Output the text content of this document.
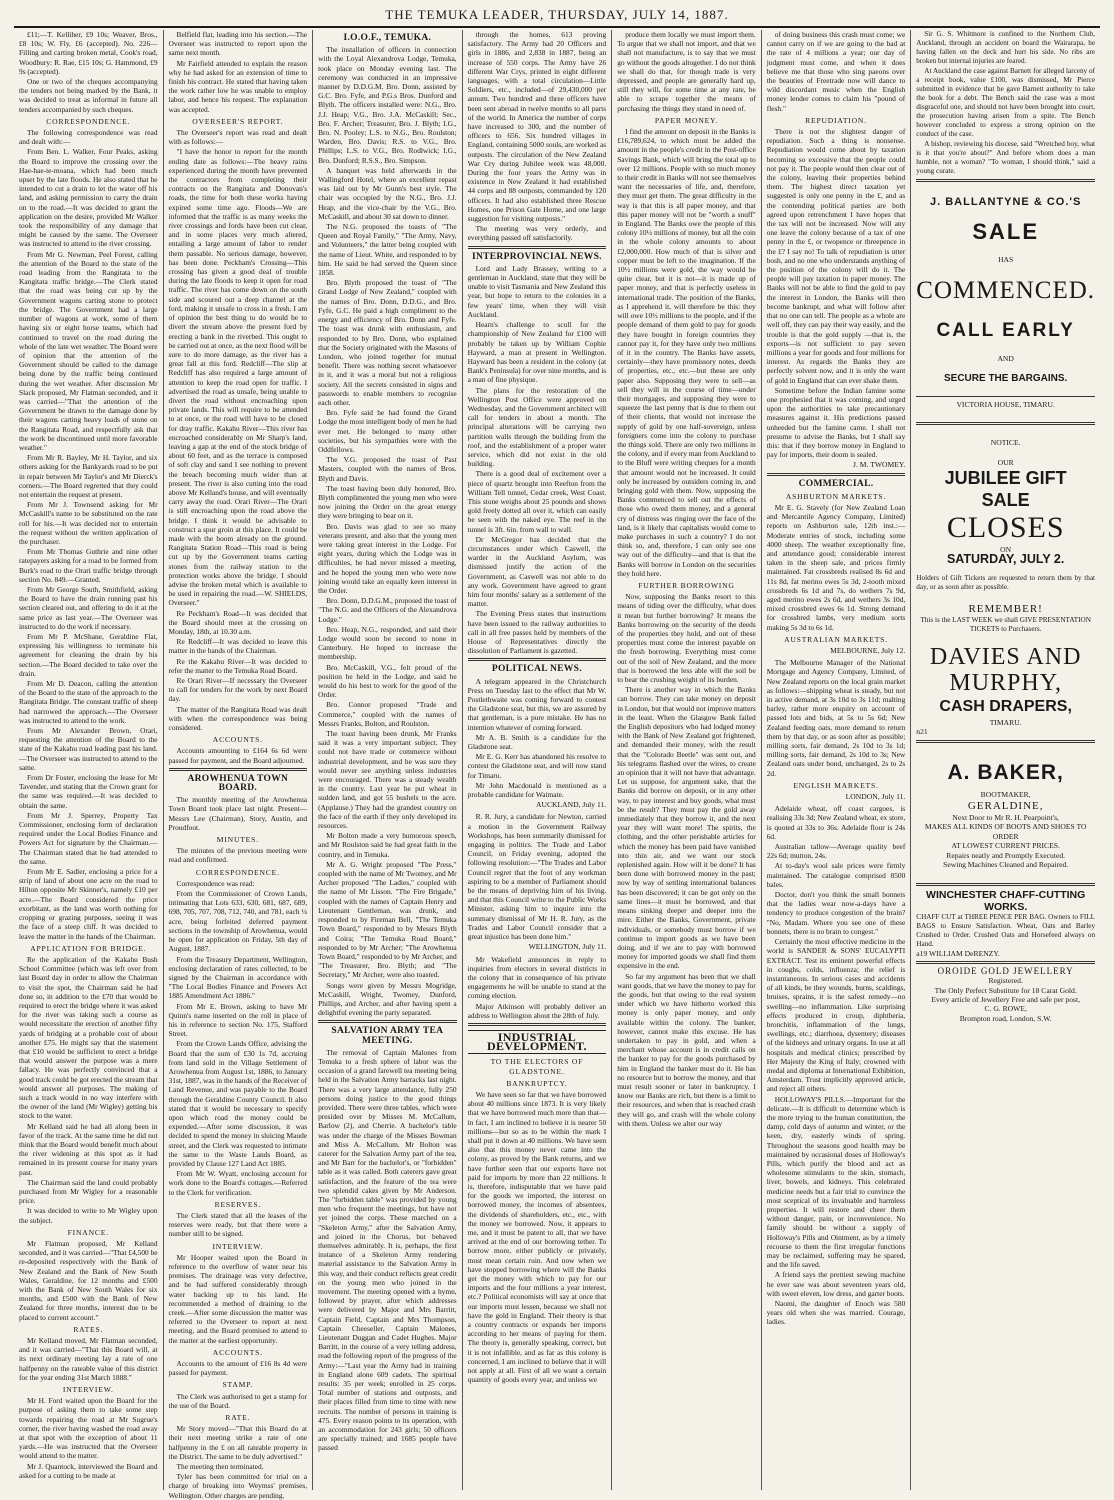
THE TEMUKA LEADER, THURSDAY, JULY 14, 1887.

£11;—T. Kelliher, £9 10s; Weaver, Bros., £8 10s; W. Fly, £6 (accepted). No. 226—Filling and carting broken metal, Cook's road, Woodbury: R. Rae, £15 10s; G. Hammond, £9 9s (accepted).

One or two of the cheques accompanying the tenders not being marked by the Bank, it was decided to treat as informal in future all tenders accompanied by such cheques.

CORRESPONDENCE.

The following correspondence was read and dealt with:—

From Ben. L. Walker, Four Peaks, asking the Board to improve the crossing over the Hae-hae-te-moana, which had been much upset by the late floods. He also stated that he intended to cut a drain to let the water off his land, and asking permission to carry the drain on to the road.—It was decided to grant the application on the desire, provided Mr Walker took the responsibility of any damage that might be caused by the same. The Overseer was instructed to attend to the river crossing.

From Mr G. Newman, Peel Forest, calling the attention of the Board to the state of the road leading from the Rangitata to the Kangitata traffic bridge.—The Clerk stated that the road was being cut up by the Government wagons carting stone to protect the bridge. The Government had a large number of wagons at work, some of them having six or eight horse teams, which had continued to travel on the road during the whole of the late wet weather. The Board were of opinion that the attention of the Government should be called to the damage being done by the traffic being continued during the wet weather. After discussion Mr Slack proposed, Mr Flatman seconded, and it was carried—"That the attention of the Government be drawn to the damage done by their wagons carting heavy loads of stone on the Rangitata Road, and respectfully ask that the work be discontinued until more favorable weather."

From Mr R. Bayley, Mr H. Taylor, and six others asking for the Bankyards road to be put in repair between Mr Taylor's and Mr Dierck's corners.—The Board regretted that they could not entertain the request at present.

From Mr J. Townsend asking for Mr McCaskill's name to be substituted on the rate roll for his.—It was decided not to entertain the request without the written application of the purchaser.

From Mr Thomas Guthrie and nine other ratepayers asking for a road to be formed from Burk's road to the Orari traffic bridge through section No. 849.—Granted.

From Mr George South, Smithfield, asking the Board to have the drain running past his section cleared out, and offering to do it at the same price as last year.—The Overseer was instructed to do the work if necessary.

From Mr P. McShane, Geraldine Flat, expressing his willingness to terminate his agreement for cleaning the drain by his section.—The Board decided to take over the drain.

From Mr D. Deacon, calling the attention of the Board to the state of the approach to the Rangitata Bridge. The constant traffic of sheep had narrowed the approach.—The Overseer was instructed to attend to the work.

From Mr Alexander Brown, Orari, requesting the attention of the Board to the state of the Kakahu road leading past his land.—The Overseer was instructed to attend to the same.

From Dr Foster, enclosing the lease for Mr Tavender, and stating that the Crown grant for the same was required.—It was decided to obtain the same.

From Mr J. Sperrey, Property Tax Commissioner, enclosing form of declaration required under the Local Bodies Finance and Powers Act for signature by the Chairman.—The Chairman stated that he had attended to the same.

From Mr E. Sadler, enclosing a price for a strip of land of about one acre on the road to Hilton opposite Mr Skinner's, namely £10 per acre.—The Board considered the price exorbitant, as the land was worth nothing for cropping or grazing purposes, seeing it was the face of a steep cliff. It was decided to leave the matter in the hands of the Chairman.

APPLICATION FOR BRIDGE.

Re the application of the Kakahu Bush School Committee (which was left over from last Board day in order to allow the Chairman to visit the spot, the Chairman said he had done so, in addition to the £70 that would be required to erect the bridge where it was asked for the river was taking such a course as would necessitate the erection of another fifty yards of bridging at a probable cost of about another £75. He might say that the statement that £10 would be sufficient to erect a bridge that would answer the purpose was a mere fallacy. He was perfectly convinced that a good track could be got erected the stream that would answer all purposes. The making of such a track would in no way interfere with the owner of the land (Mr Wigley) getting his stock to the water.

Mr Kelland said he had all along been in favor of the track. At the same time he did not think that the Board would benefit much about the river widening at this spot as it had remained in its present course for many years past.

The Chairman said the land could probably purchased from Mr Wigley for a reasonable price.

It was decided to write to Mr Wigley upon the subject.

FINANCE.

Mr Flatman proposed, Mr Kelland seconded, and it was carried—"That £4,500 be re-deposited respectively with the Bank of New Zealand and the Bank of New South Wales, Geraldine, for 12 months and £500 with the Bank of New South Wales for six months, and £500 with the Bank of New Zealand for three months, interest due to be placed to current account."

RATES.

Mr Kelland moved, Mr Flatman seconded, and it was carried—"That this Board will, at its next ordinary meeting lay a rate of one halfpenny on the rateable value of this district for the year ending 31st March 1888."

INTERVIEW.

Mr H. Ford waited upon the Board for the purpose of asking them to take some step towards repairing the road at Mr Sugrue's corner, the river having washed the road away at that spot with the exception of about 11 yards.—He was instructed that the Overseer would attend to the matter.

Mr J. Quantock, interviewed the Board and asked for a cutting to be made at

Belfield flat, leading into his section.—The Overseer was instructed to report upon the same next month.

Mr Fairfield attended to explain the reason why he had asked for an extension of time to finish his contract. He stated that having taken the work rather low he was unable to employ labor, and hence his request. The explanation was accepted.

OVERSEER'S REPORT.

The Overseer's report was read and dealt with as follows:—

"I have the honor to report for the month ending date as follows:—The heavy rains experienced during the month have prevented the contractors from completing their contracts on the Rangitata and Donovan's roads, the time for both these works having expired some time ago. Floods—We are informed that the traffic is as many weeks the river crossings and fords have been cut clear, and in some places very much altered, entailing a large amount of labor to render them passable. No serious damage, however, has been done. Peckham's Crossing—This crossing has given a good deal of trouble during the late floods to keep it open for road traffic. The river has come down on the south side and scoured out a deep channel at the ford, making it unsafe to cross in a fresh. I am of opinion the best thing to do would be to divert the stream above the present ford by erecting a bank in the riverbed. This ought to be carried out at once, as the next flood will be sure to do more damage, as the river has a great fall at this ford. Redcliff—The slip at Redcliff has also required a large amount of attention to keep the road open for traffic. I advertised the road as unsafe, being unable to divert the road without encroaching upon private lands. This will require to be attended to at once, or the road will have to be closed for dray traffic. Kakahu River—This river has encroached considerably on Mr Sharp's land, leaving a gap at the end of the stock bridge of about 60 feet, and as the terrace is composed of soft clay and sand I see nothing to prevent the breach becoming much wider than at present. The river is also cutting into the road above Mr Kelland's house, and will eventually carry away the road. Orari River—The Orari is still encroaching upon the road above the bridge. I think it would be advisable to construct a spur groin at this place. It could be made with the boom already on the ground. Rangitata Station Road—This road is being cut up by the Government teams carting stones from the railway station to the protection works above the bridge. I should advise the broken metal which is available to be used in repairing the road.—W. SHIELDS, Overseer."

Re Peckham's Road—It was decided that the Board should meet at the crossing on Monday, 18th, at 10.30 a.m.

Re Redcliff—It was decided to leave this matter in the hands of the Chairman.

Re the Kakahu River—It was decided to refer the matter to the Temuka Road Board.

Re Orari River—If necessary the Overseer to call for tenders for the work by next Board day.

The matter of the Rangitata Road was dealt with when the correspondence was being considered.

ACCOUNTS.

Accounts amounting to £164 6s 6d were passed for payment, and the Board adjourned.

AROWHENUA TOWN BOARD.

The monthly meeting of the Arowhenua Town Board took place last night. Present—Messrs Lee (Chairman), Story, Austin, and Proudfoot.

MINUTES.

The minutes of the previous meeting were read and confirmed.

CORRESPONDENCE.

Correspondence was read:

From the Commissioner of Crown Lands, intimating that Lots 633, 630, 681, 687, 689, 698, 705, 707, 708, 712, 740, and 781, each ¼ acre, being forfeited deferred payment sections in the township of Arowhenua, would be open for application on Friday, 5th day of August, 1887.

From the Treasury Department, Wellington, enclosing declaration of rates collected, to be signed by the Chairman in accordance with "The Local Bodies Finance and Powers Act 1885 Amendment Act 1886."

From Mr E. Brown, asking to have Mr Quinn's name inserted on the roll in place of his in reference to section No. 175, Stafford Street.

From the Crown Lands Office, advising the Board that the sum of £30 1s 7d, accruing from land sold in the Village Settlement of Arowhenua from August 1st, 1886, to January 31st, 1887, was in the hands of the Receiver of Land Revenue, and was payable to the Board through the Geraldine County Council. It also stated that it would be necessary to specify upon which road the money could be expended.—After some discussion, it was decided to spend the money in sluicing Maude street, and the Clerk was requested to intimate the same to the Waste Lands Board, as provided by Clause 127 Land Act 1885.

From Mr W. Wyatt, enclosing account for work done to the Board's cottages.—Referred to the Clerk for verification.

RESERVES.

The Clerk stated that all the leases of the reserves were ready, but that there were a number still to be signed.

INTERVIEW.

Mr Hooper waited upon the Board in reference to the overflow of water near his premises. The drainage was very defective, and he had suffered considerably through water backing up to his land. He recommended a method of draining to the creek.—After some discussion the matter was referred to the Overseer to report at next meeting, and the Board promised to attend to the matter at the earliest opportunity.

ACCOUNTS.

Accounts to the amount of £16 8s 4d were passed for payment.

STAMP.

The Clerk was authorised to get a stamp for the use of the Board.

RATE.

Mr Story moved—"That this Board do at their next meeting strike a rate of one halfpenny in the £ on all rateable property in the District. The same to be duly advertised."

The meeting then terminated.

Tyler has been committed for trial on a charge of breaking into Weymss' premises, Wellington. Other charges are pending.

I.O.O.F., TEMUKA.

The installation of officers in connection with the Loyal Alexandrova Lodge, Temuka, took place on Monday evening last. The ceremony was conducted in an impressive manner by D.D.G.M. Bro. Donn, assisted by G.C. Bro. Fyfe, and P.G.s Bros. Dunford and Blyth. The officers installed were: N.G., Bro. J.J. Heap; V.G., Bro. J.A. McCaskill; Sec., Bro. F. Archer; Treasurer, Bro. J. Blyth; I.G., Bro. N. Pooley; L.S. to N.G., Bro. Roulston; Warden, Bro. Davis; R.S. to V.G., Bro. Phillips; L.S. to V.G., Bro. Rodlwick; I.G., Bro. Dunford; R.S.S., Bro. Simpson.

A banquet was held afterwards in the Wallingford Hotel, where an excellent repast was laid out by Mr Gunn's best style. The chair was occupied by the N.G., Bro. J.J. Heap, and the vice-chair by the V.G., Bro. McCaskill, and about 30 sat down to dinner.

The N.G. proposed the toasts of "The Queen and Royal Family," "The Army, Navy, and Volunteers," the latter being coupled with the name of Lieut. White, and responded to by him. He said he had served the Queen since 1858.

Bro. Blyth proposed the toast of "The Grand Lodge of New Zealand," coupled with the names of Bro. Donn, D.D.G., and Bro. Fyfe, G.C. He paid a high compliment to the energy and efficiency of Bro. Donn and Fyfe. The toast was drunk with enthusiasm, and responded to by Bro. Donn, who explained that the Society originated with the Masons of London, who joined together for mutual benefit. There was nothing secret whatsoever in it, and it was a moral but not a religious society. All the secrets consisted in signs and passwords to enable members to recognise each other.

Bro. Fyfe said he had found the Grand Lodge the most intelligent body of men he had ever met. He belonged to many other societies, but his sympathies were with the Oddfellows.

The V.G. proposed the toast of Past Masters, coupled with the names of Bros. Blyth and Davis.

The toast having been duly honored, Bro. Blyth complimented the young men who were now joining the Order on the great energy they were bringing to bear on it.

Bro. Davis was glad to see so many veterans present, and also that the young men were taking great interest in the Lodge. For eight years, during which the Lodge was in difficulties, he had never missed a meeting, and he hoped the young men who were now joining would take an equally keen interest in the Order.

Bro. Donn, D.D.G.M., proposed the toast of "The N.G. and the Officers of the Alexandrova Lodge."

Bro. Heap, N.G., responded, and said their Lodge would soon be second to none in Canterbury. He hoped to increase the membership.

Bro. McCaskill, V.G., felt proud of the position he held in the Lodge, and said he would do his best to work for the good of the Order.

Bro. Connor proposed "Trade and Commerce," coupled with the names of Messrs Franks, Bolton, and Roulston.

The toast having been drunk, Mr Franks said it was a very important subject. They could not have trade or commerce without industrial development, and he was sure they would never see anything unless industries were encouraged. There was a steady wealth in the country. Last year he put wheat in sudden land, and got 55 bushels to the acre. (Applause.) They had the grandest country on the face of the earth if they only developed its resources.

Mr Bolton made a very humorous speech, and Mr Roulston said he had great faith in the country, and in Temuka.

Mr A. G. Wright proposed "The Press," coupled with the name of Mr Twomey, and Mr Archer proposed "The Ladies," coupled with the name of Mr Lisson. "The Fire Brigade," coupled with the names of Captain Henry and Lieutenant Gentleman, was drunk, and responded to by Fireman Bell, "The Temuka Town Board," responded to by Messrs Blyth and Coira; "The Temuka Road Board," responded to by Mr Archer; "The Arowhenua Town Board," responded to by Mr Archer, and "The Treasurer, Bro. Blyth; and "The Secretary," Mr Archer, were also toasted.

Songs were given by Messrs Mogridge, McCaskill, Wright, Twomey, Dunford, Phillips, and Archer, and after having spent a delightful evening the party separated.

SALVATION ARMY TEA MEETING.

The removal of Captain Malones from Temuka to a fresh sphere of labor was the occasion of a grand farewell tea meeting being held in the Salvation Army barracks last night. There was a very large attendance, fully 250 persons doing justice to the good things provided. There were three tables, which were presided over by Misses M. McCallum, Barlow (2), and Cherrie. A bachelor's table was under the charge of the Misses Bowman and Miss A. McCallum. Mr Bolton was caterer for the Salvation Army part of the tea, and Mr Barr for the bachelor's, or "forbidden" table as it was called. Both caterers gave great satisfaction, and the feature of the tea were two splendid cakes given by Mr Anderson. The "forbidden table" was provided by young men who frequent the meetings, but have not yet joined the corps. These marched on a "Skeleton Army," after the Salvation Army, and joined in the Chorus, but behaved themselves admirably. It is, perhaps, the first instance of a Skeleton Army rendering material assistance to the Salvation Army in this way, and their conduct reflects great credit on the young men who joined in the movement. The meeting opened with a hymn, followed by prayer, after which addresses were delivered by Major and Mrs Barritt, Captain Field, Captain and Mrs Thompson, Captain Cheeseller, Captain Malones, Lieutenant Duggan and Cadet Hughes. Major Barritt, in the course of a very telling address, read the following report of the progress of the Army:—"Last year the Army had in training in England alone 609 cadets. The spiritual results: 35 per week; enrolled in 25 corps. Total number of stations and outposts, and their places filled from time to time with new recruits. The number of persons in training is 475. Every reason points to its operation, with an accommodation for 243 girls; 50 officers are specially trained; and 1685 people have passed

through the homes, 613 proving satisfactory. The Army had 20 Officers and girls in 1886, and 2,838 in 1887, being an increase of 550 corps. The Army have 26 different War Crys, printed in eight different languages, with a total circulation—Little Soldiers, etc., included—of 29,430,000 per annum. Two hundred and three officers have been sent abroad in twelve months to all parts of the world. In America the number of corps have increased to 300, and the number of officers to 656. Six hundred villages in England, containing 5000 souls, are worked as outposts. The circulation of the New Zealand War Cry during Jubilee week was 48,000. During the four years the Army was in existence in New Zealand it had established 44 corps and 88 outposts, commanded by 120 officers. It had also established three Rescue Homes, one Prison Gate Home, and one large suggestion for visiting outposts."

The meeting was very orderly, and everything passed off satisfactorily.

INTERPROVINCIAL NEWS.

Lord and Lady Brassey, writing to a gentleman in Auckland, state that they will be unable to visit Tasmania and New Zealand this year, but hope to return to the colonies in a few years' time, when they will visit Auckland.

Hearn's challenge to scull for the championship of New Zealand for £100 will probably be taken up by William Cophie Hayward, a man at present in Wellington. Hayward has been a resident in the colony (at Bank's Peninsula) for over nine months, and is a man of fine physique.

The plans for the restoration of the Wellington Post Office were approved on Wednesday, and the Government architect will call for tenders in about a month. The principal alterations will be carrying two partition walls through the building from the roof, and the establishment of a proper water service, which did not exist in the old building.

There is a good deal of excitement over a piece of quartz brought into Reefton from the William Tell tunnel, Cedar creek, West Coast. This stone weighs about 25 pounds and shows gold freely dotted all over it, which can easily be seen with the naked eye. The reef in the tunnel is 3ft. 6in. from wall to wall.

Dr McGregor has decided that the circumstances under which Caswell, the warder in the Auckland Asylum, was dismissed justify the action of the Government, as Caswell was not able to do any work. Government have agreed to grant him four months' salary as a settlement of the matter.

The Evening Press states that instructions have been issued to the railway authorities to call in all free passes held by members of the House of Representatives directly the dissolution of Parliament is gazetted.

POLITICAL NEWS.

A telegram appeared in the Christchurch Press on Tuesday last to the effect that Mr W. Postlethwaite was coming forward to contest the Gladstone seat, but this, we are assured by that gentleman, is a pure mistake. He has no intention whatever of coming forward.

Mr A. B. Smith is a candidate for the Gladstone seat.

Mr E. G. Kerr has abandoned his resolve to contest the Gladstone seat, and will now stand for Timaru.

Mr John Macdonald is mentioned as a probable candidate for Waimate.

AUCKLAND, July 11.

R. R. Jury, a candidate for Newton, carried a motion in the Government Railway Workshops, has been summarily dismissed for engaging in politics. The Trade and Labor Council, on Friday evening, adopted the following resolution:—"The Trades and Labor Council regret that the foot of any workman aspiring to be a member of Parliament should be the means of depriving him of his living, and that this Council write to the Public Works Minister, asking him to inquire into the summary dismissal of Mr H. R. Jury, as the Trades and Labor Council consider that a great injustice has been done him."

WELLINGTON, July 11.

Mr Wakefield announces in reply to inquiries from electors in several districts in the colony that in consequence of his private engagements he will be unable to stand at the coming election.

Major Atkinson will probably deliver an address to Wellington about the 28th of July.

INDUSTRIAL DEVELOPMENT.
TO THE ELECTORS OF GLADSTONE.
BANKRUPTCY.

We have seen so far that we have borrowed about 40 millions since 1873. It is very likely that we have borrowed much more than that—in fact, I am inclined to believe it is nearer 50 millions—but so as to be within the mark I shall put it down at 40 millions. We have seen also that this money never came into the colony, as proved by the Bank returns, and we have further seen that our exports have not paid for imports by more than 22 millions. It is, therefore, indisputable that we have paid for the goods we imported, the interest on borrowed money, the incomes of absentees, the dividends of shareholders, etc., etc., with the money we borrowed. Now, it appears to me, and it must be patent to all, that we have arrived at the end of our borrowing tether. To borrow more, either publicly or privately, must mean certain ruin. And now when we have stopped borrowing where will the Banks get the money with which to pay for our imports and the four millions a year interest, etc.? Political economists will say at once that our imports must lessen, because we shall not have the gold in England. Their theory is that a country contracts or expands her imports according to her means of paying for them. The theory is, generally speaking, correct, but it is not infallible, and as far as this colony is concerned, I am inclined to believe that it will not apply at all. First of all we want a certain quantity of goods every year, and unless we

produce them locally we must import them. To argue that we shall not import, and that we shall not manufacture, is to say that we must go without the goods altogether. I do not think we shall do that, for though trade is very depressed, and people are generally hard up, still they will, for some time at any rate, be able to scrape together the means of purchasing the things they stand in need of.

PAPER MONEY.

I find the amount on deposit in the Banks is £16,789,624, to which must be added the amount in the people's credit in the Post-office Savings Bank, which will bring the total up to over 12 millions. People with so much money to their credit in Banks will not see themselves want the necessaries of life, and, therefore, they must get them. The great difficulty in the way is that this is all paper money, and that this paper money will not be "worth a snuff" in England. The Banks owe the people of this colony 10½ millions of money, but all the coin in the whole colony amounts to about £2,000,000. How much of that is silver and copper must be left to the imagination. If the 10½ millions were gold, the way would be quite clear, but it is not—it is made up of paper money, and that is perfectly useless in international trade. The position of the Banks, as I apprehend it, will therefore be this: they will owe 10½ millions to the people, and if the people demand of them gold to pay for goods they have bought in foreign countries they cannot pay it, for they have only two millions of it in the country. The Banks have assets, certainly—they have promissory notes, deeds of properties, etc., etc.—but these are only paper also. Supposing they were to sell—as sell they will in the course of time—under their mortgages, and supposing they were to squeeze the last penny that is due to them out of their clients, that would not increase the supply of gold by one half-sovereign, unless foreigners come into the colony to purchase the things sold. There are only two millions in the colony, and if every man from Auckland to to the Bluff were writing cheques for a month that amount would not be increased. It could only be increased by outsiders coming in, and bringing gold with them. Now, supposing the Banks commenced to sell out the effects of those who owed them money, and a general cry of distress was ringing over the face of the land, is it likely that capitalists would come to make purchases in such a country? I do not think so, and, therefore, I can only see one way out of the difficulty—and that is that the Banks will borrow in London on the securities they hold here.

FURTHER BORROWING

Now, supposing the Banks resort to this means of tiding over the difficulty, what does it mean but further borrowing? It means the Banks borrowing on the security of the deeds of the properties they hold, and out of these properties must come the interest payable on the fresh borrowing. Everything must come out of the soil of New Zealand, and the more that is borrowed the less able will the soil be to bear the crushing weight of its burden.

There is another way in which the Banks can borrow. They can take money on deposit in London, but that would not improve matters in the least. When the Glasgow Bank failed the English depositors who had lodged money with the Bank of New Zealand got frightened, and demanded their money, with the result that the "Colorado Beetle" was sent out, and his telegrams flashed over the wires, to create an opinion that it will not have that advantage. Let us suppose, for argument sake, that the Banks did borrow on deposit, or in any other way, to pay interest and buy goods, what must be the result? They must pay the gold away immediately that they borrow it, and the next year they will want more! The spirits, the clothing, and the other perishable articles for which the money has been paid have vanished into thin air, and we want our stock replenished again. How will it be done? It has been done with borrowed money in the past; now by way of settling international balances has been discovered; it can be got only on the same lines—it must be borrowed, and that means sinking deeper and deeper into the mire. Either the Banks, Government, private individuals, or somebody must borrow if we continue to import goods as we have been doing, and if we are to pay with borrowed money for imported goods we shall find them expensive in the end.

So far my argument has been that we shall want goods, that we have the money to pay for the goods, but that owing to the real system under which we have hitherto worked this money is only paper money, and only available within the colony. The banker, however, cannot make this excuse. He has undertaken to pay in gold, and when a merchant whose account is in credit calls on the banker to pay for the goods purchased by him in England the banker must do it. He has no resource but to borrow the money, and that must result sooner or later in bankruptcy. I know our Banks are rich, but there is a limit to their resources, and when that is reached crash they will go, and crash will the whole colony with them. Unless we alter our way

of doing business this crash must come; we cannot carry on if we are going to the bad at the rate of 4 millions a year; our day of judgment must come, and when it does believe me that those who sing paeons over the beauties of Freetrade now will dance to wild discordant music when the English money lender comes to claim his "pound of flesh."

REPUDIATION.

There is not the slightest danger of repudiation. Such a thing is nonsense. Repudiation would come about by taxation becoming so excessive that the people could not pay it. The people would then clear out of the colony, leaving their properties behind them. The highest direct taxation yet suggested is only one penny in the £, and as the contending political parties are both agreed upon retrenchment I have hopes that the tax will not be increased. Now will any one leave the colony because of a tax of one penny in the £, or twopence or threepence in the £? I say no! To talk of repudiation is utter bosh, and no one who understands anything of the position of the colony will do it. The people will pay taxation in paper money. The Banks will not be able to find the gold to pay the interest in London, the Banks will then become bankrupt, and what will follow after that no one can tell. The people as a whole are well off, they can pay their way easily, and the trouble is that the gold supply —that is, the exports—is not sufficient to pay seven millions a year for goods and four millions for interest. As regards the Banks they are perfectly solvent now, and it is only the want of gold in England that can ever shake them.

Sometime before the Indian famine some one prophesied that it was coming, and urged upon the authorities to take precautionary measures against it. His predictions passed unheeded but the famine came. I shall not presume to advise the Banks, but I shall say this: that if they borrow money in England to pay for imports, their doom is sealed.

J. M. TWOMEY.
COMMERCIAL.
ASHBURTON MARKETS.

Mr E. G. Stavely (for New Zealand Loan and Mercantile Agency Company, Limited) reports on Ashburton sale, 12th inst.:—Moderate entries of stock, including some 4000 sheep. The weather exceptionally fine, and attendance good; considerable interest taken in the sheep sale, and prices firmly maintained. Fat crossbreds realised 8s 6d and 11s 8d, fat merino ewes 5s 3d, 2-tooth mixed crossbreds 6s 1d and 7s, do wethers 7s 9d, aged merino ewes 2s 6d, and wethers 3s 10d, mixed crossbred ewes 6s 1d. Strong demand for crossbred lambs, very medium sorts making 5s 3d to 6s 1d.

AUSTRALIAN MARKETS.
MELBOURNE, July 12.

The Melbourne Manager of the National Mortgage and Agency Company, Limited, of New Zealand reports on the local grain market as follows:—shipping wheat is steady, but not in active demand, at 3s 10d to 3s 11d; malting barley, rather more enquiry on account of passed lots and bids, at 5s to 5s 6d; New Zealand feeding oats, more demand to return them by that day, or as soon after as possible; milling sorts, fair demand, 2s 10d to 3s 1d; milling sorts, fair demand, 2s 10d to 3s; New Zealand oats under bond, unchanged, 2s to 2s 2d.

ENGLISH MARKETS.
LONDON, July 11.

Adelaide wheat, off coast cargoes, is realising 33s 3d; New Zealand wheat, ex store, is quoted at 33s to 36s. Adelaide flour is 24s 6d.

Australian tallow—Average quality beef 22s 6d; mutton, 24s.

At to-day's wool sale prices were firmly maintained. The catalogue comprised 8500 bales.

Doctor, don't you think the small bonnets that the ladies wear now-a-days have a tendency to produce congestion of the brain? "No, Madam. Where you see one of these bonnets, there is no brain to congest."

Certainly the most effective medicine in the world is SANDER & SONS' EUCALYPTI EXTRACT. Test its eminent powerful effects in coughs, colds, influenza; the relief is instantaneous. In serious cases and accidents of all kinds, be they wounds, burns, scaldings, bruises, sprains, it is the safest remedy—no swelling—no inflammation. Like surprising effects produced in croup, diphtheria, bronchitis, inflammation of the lungs, swellings, etc.; diarrhoea, dysentery; diseases of the kidneys and urinary organs. In use at all hospitals and medical clinics; prescribed by Her Majesty the King of Italy; crowned with medal and diploma at International Exhibition, Amsterdam. Trust implicitly approved article, and reject all others.

HOLLOWAY'S PILLS.—Important for the delicate.—It is difficult to determine which is the more trying to the human constitution, the damp, cold days of autumn and winter, or the keen, dry, easterly winds of spring. Throughout the seasons good health may be maintained by occasional doses of Holloway's Pills, which purify the blood and act as wholesome stimulants to the skin, stomach, liver, bowels, and kidneys. This celebrated medicine needs but a fair trial to convince the most sceptical of its invaluable and harmless properties. It will restore and cheer them without danger, pain, or inconvenience. No family should be without a supply of Holloway's Pills and Ointment, as by a timely recourse to them the first irregular functions may be reclaimed, suffering may be spared, and the life saved.

A friend says the prettiest sewing machine he ever saw was about seventeen years old, with sweet eleven, low dress, and garter boots.

Naomi, the daughter of Enoch was 580 years old when she was married. Courage, ladies.

Sir G. S. Whitmore is confined to the Northern Club, Auckland, through an accident on board the Wairarapa, he having fallen on the deck and hurt his side. No ribs are broken but internal injuries are feared.

At Auckland the case against Barnett for alleged larceny of a receipt book, value £100, was dismissed, Mr Pierce submitted in evidence that he gave Barnett authority to take the book for a debt. The Bench said the case was a most disgraceful one, and should not have been brought into court, the prosecution having arisen from a spite. The Bench however concluded to express a strong opinion on the conduct of the case.

A bishop, reviewing his diocese, said "Wretched boy, what is it that you're about?" And before whom does a man humble, not a woman? "To woman, I should think," said a young curate.

J. BALLANTYNE & CO.'S
SALE
HAS
COMMENCED.
CALL EARLY
AND
SECURE THE BARGAINS.
VICTORIA HOUSE, TIMARU.
NOTICE.
OUR
JUBILEE GIFT
SALE
CLOSES
ON
SATURDAY, JULY 2.
Holders of Gift Tickets are requested to return them by that day, or as soon after as possible.
REMEMBER!
This is the LAST WEEK we shall GIVE PRESENTATION TICKETS to Purchasers.
DAVIES AND
MURPHY,
CASH DRAPERS,
TIMARU.
n21
A. BAKER,
BOOTMAKER,
GERALDINE,
Next Door to Mr R. H. Pearpoint's,
MAKES ALL KINDS OF BOOTS AND SHOES TO ORDER
AT LOWEST CURRENT PRICES.
Repairs neatly and Promptly Executed.
Sewing Machines Cleaned and Repaired.
WINCHESTER CHAFF-CUTTING WORKS.
CHAFF CUT at THREE PENCE PER BAG. Owners to FILL BAGS to Ensure Satisfaction. Wheat, Oats and Barley Crushed to Order. Crushed Oats and Horsefeed always on Hand.
a19 WILLIAM DeRENZY.
OROIDE GOLD JEWELLERY
Registered.
The Only Perfect Substitute for 18 Carat Gold.
Every article of Jewellery Free and safe per post,
C. G. ROWE,
Brompton road, London, S.W.
